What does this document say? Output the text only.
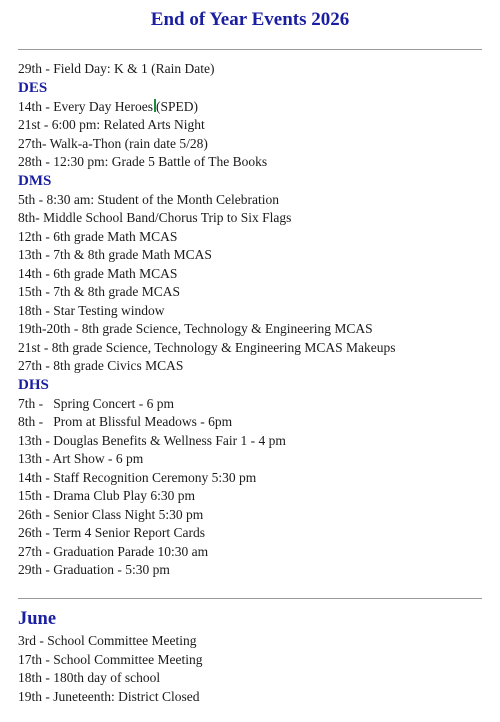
End of Year Events 2026
29th - Field Day: K & 1 (Rain Date)
DES
14th - Every Day Heroes (SPED)
21st - 6:00 pm: Related Arts Night
27th- Walk-a-Thon (rain date 5/28)
28th - 12:30 pm: Grade 5 Battle of The Books
DMS
5th - 8:30 am: Student of the Month Celebration
8th- Middle School Band/Chorus Trip to Six Flags
12th - 6th grade Math MCAS
13th - 7th & 8th grade Math MCAS
14th - 6th grade Math MCAS
15th - 7th & 8th grade MCAS
18th - Star Testing window
19th-20th - 8th grade Science, Technology & Engineering MCAS
21st - 8th grade Science, Technology & Engineering MCAS Makeups
27th - 8th grade Civics MCAS
DHS
7th -   Spring Concert - 6 pm
8th -   Prom at Blissful Meadows - 6pm
13th - Douglas Benefits & Wellness Fair 1 - 4 pm
13th - Art Show - 6 pm
14th - Staff Recognition Ceremony 5:30 pm
15th - Drama Club Play 6:30 pm
26th - Senior Class Night 5:30 pm
26th - Term 4 Senior Report Cards
27th - Graduation Parade 10:30 am
29th - Graduation - 5:30 pm
June
3rd - School Committee Meeting
17th - School Committee Meeting
18th - 180th day of school
19th - Juneteenth: District Closed
